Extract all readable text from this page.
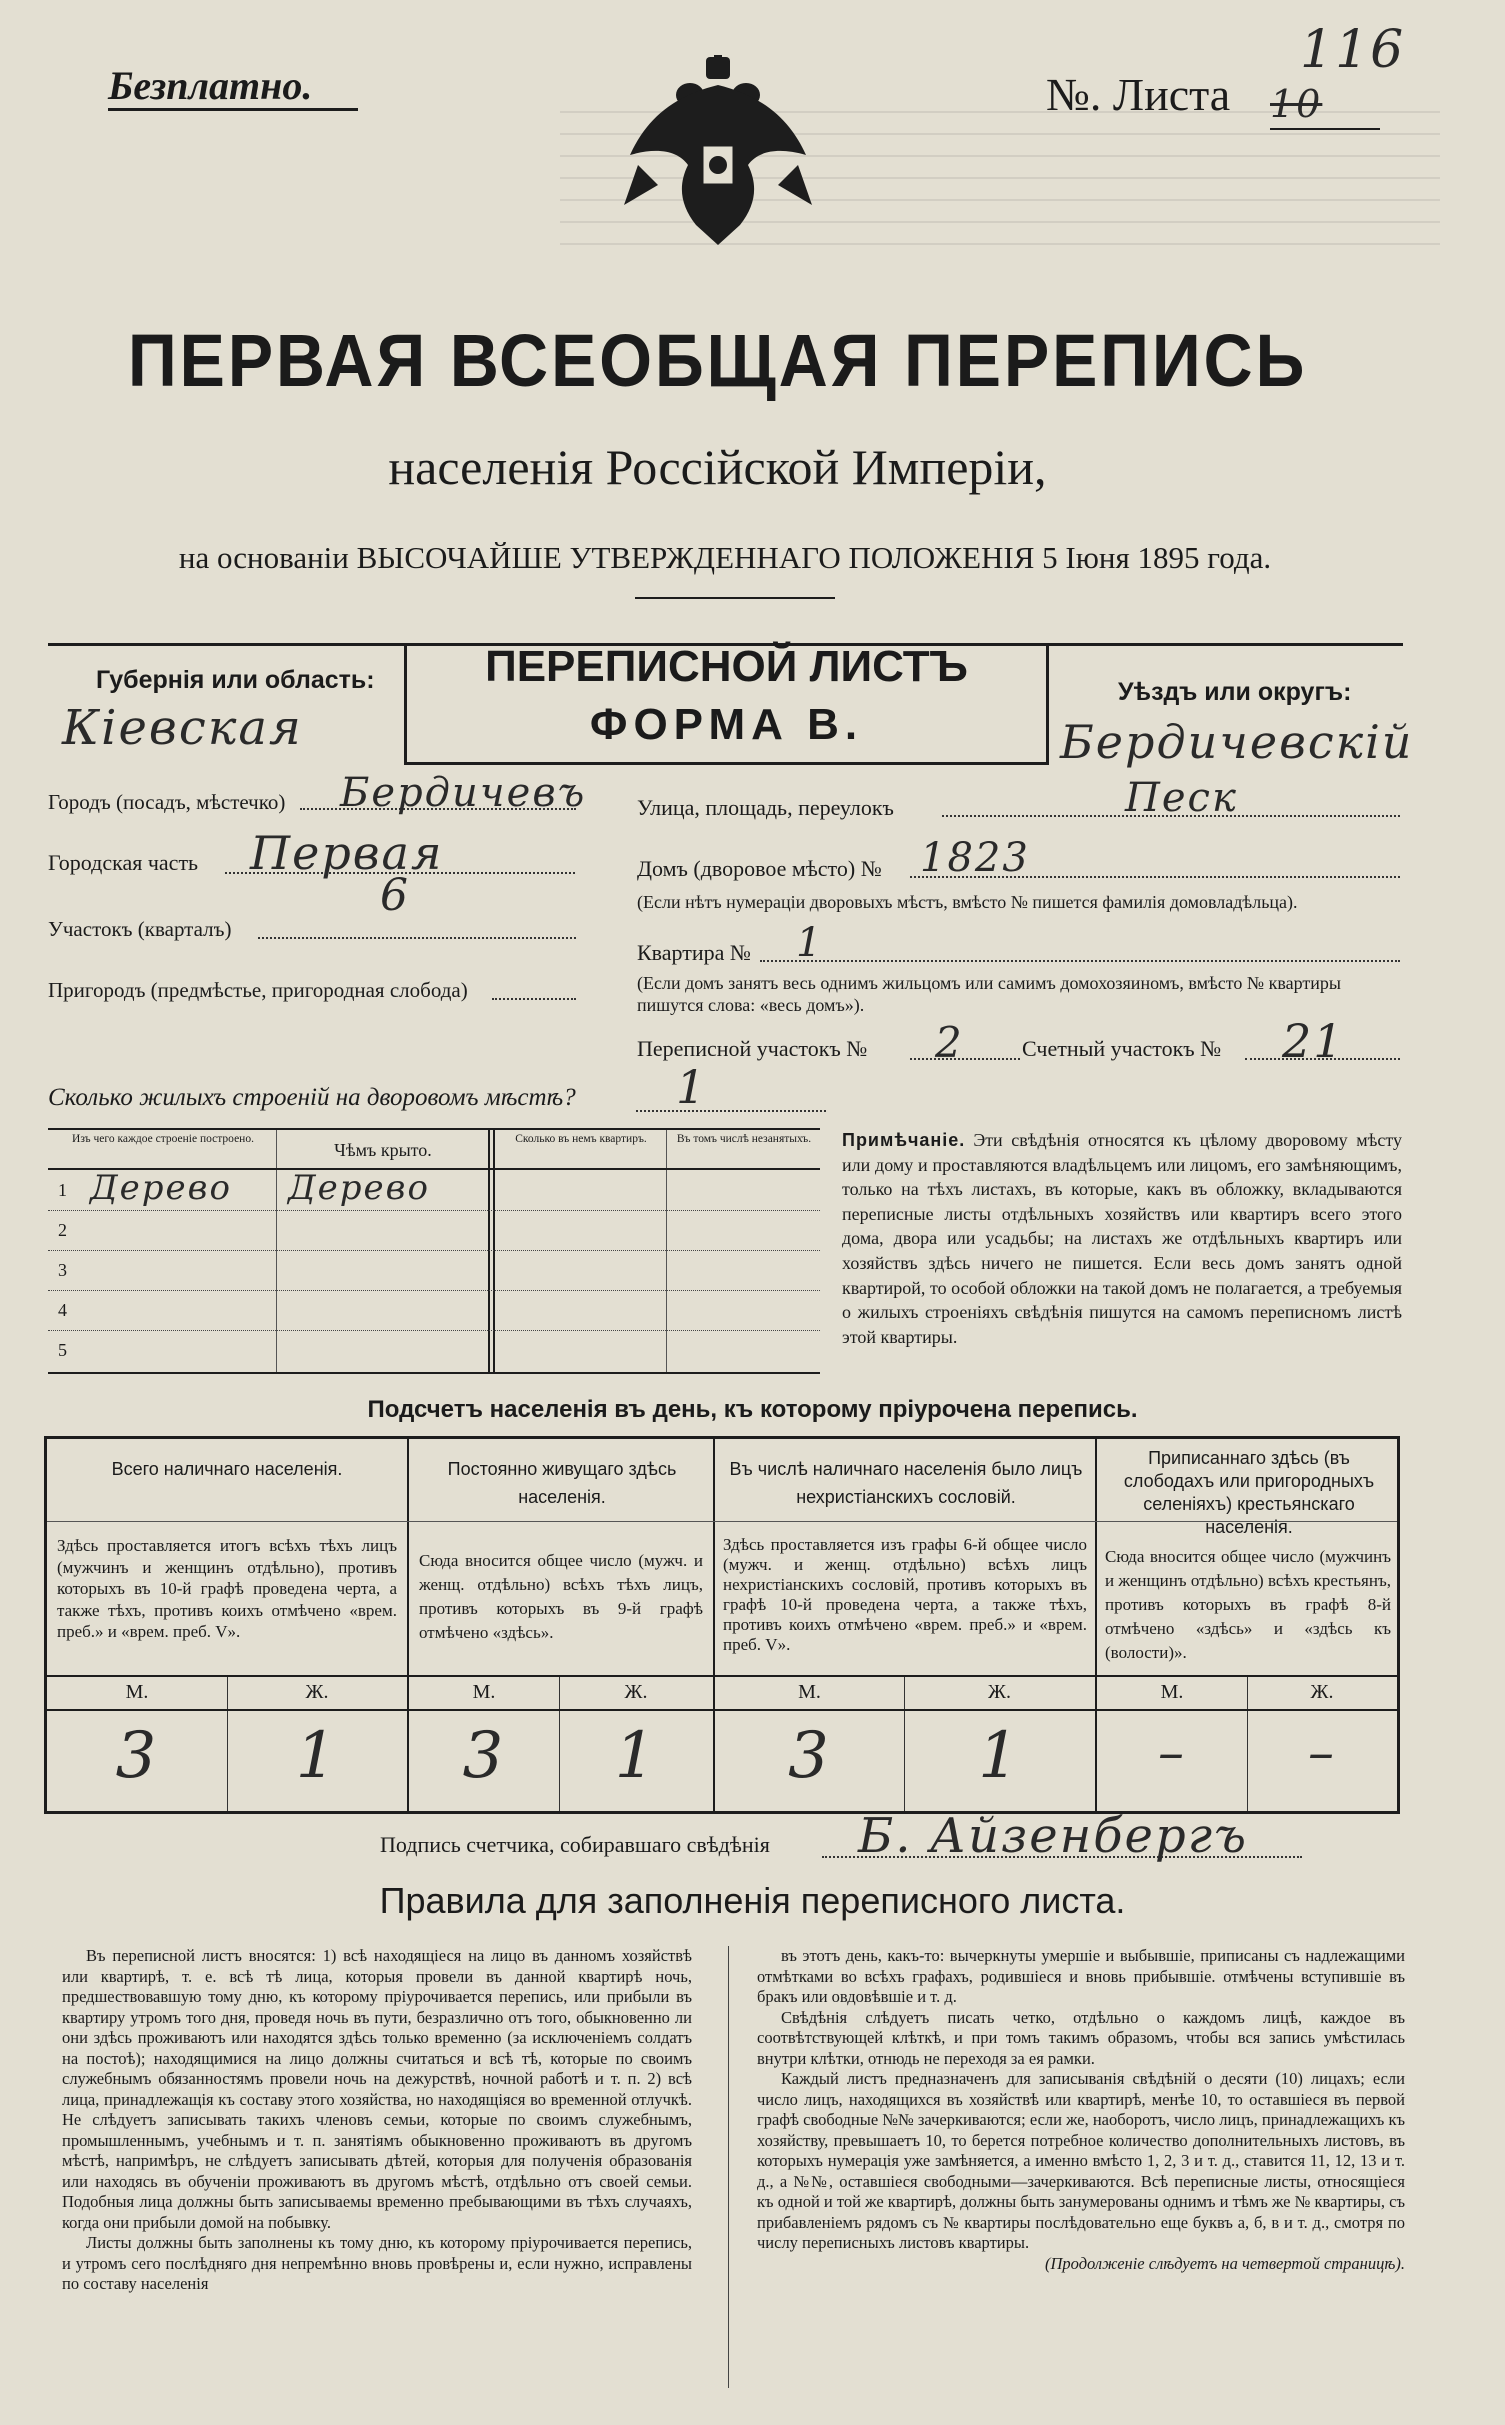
Безплатно.	№. Листа 10
116
ПЕРВАЯ ВСЕОБЩАЯ ПЕРЕПИСЬ
населенія Россійской Имперіи,
на основаніи ВЫСОЧАЙШЕ УТВЕРЖДЕННАГО ПОЛОЖЕНІЯ 5 Іюня 1895 года.
Губернія или область:
Кіевская
ПЕРЕПИСНОЙ ЛИСТЪ
ФОРМА В.
Уѣздъ или округъ:
Бердичевскій
Городъ (посадъ, мѣстечко) Бердичевъ
Городская часть Первая
Участокъ (кварталъ)
6
Пригородъ (предмѣстье, пригородная слобода)
Улица, площадь, переулокъ	Песк
Домъ (дворовое мѣсто) № 1823
(Если нѣтъ нумераціи дворовыхъ мѣстъ, вмѣсто № пишется фамилія домовладѣльца).
Квартира № 1
(Если домъ занятъ весь однимъ жильцомъ или самимъ домохозяиномъ, вмѣсто № квартиры пишутся слова: «весь домъ»).
Переписной участокъ № 2	Счетный участокъ № 21
Сколько жилыхъ строеній на дворовомъ мѣстѣ? 1
Изъ чего каждое строеніе построено.
Чѣмъ крыто.
Сколько въ немъ квартиръ.	Въ томъ числѣ незанятыхъ.
1 Дерево Дерево
2
3
4
5
Примѣчаніе. Эти свѣдѣнія относятся къ цѣлому дворовому мѣсту или дому и проставляются владѣльцемъ или лицомъ, его замѣняющимъ, только на тѣхъ листахъ, въ которые, какъ въ обложку, вкладываются переписные листы отдѣльныхъ хозяйствъ или квартиръ всего этого дома, двора или усадьбы; на листахъ же отдѣльныхъ квартиръ или хозяйствъ здѣсь ничего не пишется. Если весь домъ занятъ одной квартирой, то особой обложки на такой домъ не полагается, а требуемыя о жилыхъ строеніяхъ свѣдѣнія пишутся на самомъ переписномъ листѣ этой квартиры.
Подсчетъ населенія въ день, къ которому пріурочена перепись.
Всего наличнаго населенія.
Здѣсь проставляется итогъ всѣхъ тѣхъ лицъ (мужчинъ и женщинъ отдѣльно), противъ которыхъ въ 10-й графѣ проведена черта, а также тѣхъ, противъ коихъ отмѣчено «врем. преб.» и «врем. преб. V».
Постоянно живущаго здѣсь населенія.
Сюда вносится общее число (мужч. и женщ. отдѣльно) всѣхъ тѣхъ лицъ, противъ которыхъ въ 9-й графѣ отмѣчено «здѣсь».
Въ числѣ наличнаго населенія было лицъ нехристіанскихъ сословій.
Здѣсь проставляется изъ графы 6-й общее число (мужч. и женщ. отдѣльно) всѣхъ лицъ нехристіанскихъ сословій, противъ которыхъ въ графѣ 10-й проведена черта, а также тѣхъ, противъ коихъ отмѣчено «врем. преб.» и «врем. преб. V».
Приписаннаго здѣсь (въ слободахъ или пригородныхъ селеніяхъ) крестьянскаго населенія.
Сюда вносится общее число (мужчинъ и женщинъ отдѣльно) всѣхъ крестьянъ, противъ которыхъ въ графѣ 8-й отмѣчено «здѣсь» и «здѣсь къ (волости)».
М.	Ж.	М.	Ж.	М.	Ж.	М.	Ж.
3	1	3	1	3	1	–	–
Подпись счетчика, собиравшаго свѣдѣнія Б. Айзенбергъ
Правила для заполненія переписного листа.

Въ переписной листъ вносятся: 1) всѣ находящіеся на лицо въ данномъ хозяйствѣ или квартирѣ, т. е. всѣ тѣ лица, которыя провели въ данной квартирѣ ночь, предшествовавшую тому дню, къ которому пріурочивается перепись, или прибыли въ квартиру утромъ того дня, проведя ночь въ пути, безразлично отъ того, обыкновенно ли они здѣсь проживаютъ или находятся здѣсь только временно (за исключеніемъ солдатъ на постоѣ); находящимися на лицо должны считаться и всѣ тѣ, которые по своимъ служебнымъ обязанностямъ провели ночь на дежурствѣ, ночной работѣ и т. п. 2) всѣ лица, принадлежащія къ составу этого хозяйства, но находящіяся во временной отлучкѣ. Не слѣдуетъ записывать такихъ членовъ семьи, которые по своимъ служебнымъ, промышленнымъ, учебнымъ и т. п. занятіямъ обыкновенно проживаютъ въ другомъ мѣстѣ, напримѣръ, не слѣдуетъ записывать дѣтей, которыя для полученія образованія или находясь въ обученіи проживаютъ въ другомъ мѣстѣ, отдѣльно отъ своей семьи. Подобныя лица должны быть записываемы временно пребывающими въ тѣхъ случаяхъ, когда они прибыли домой на побывку.

Листы должны быть заполнены къ тому дню, къ которому пріурочивается перепись, и утромъ сего послѣдняго дня непремѣнно вновь провѣрены и, если нужно, исправлены по составу населенія

въ этотъ день, какъ-то: вычеркнуты умершіе и выбывшіе, приписаны съ надлежащими отмѣтками во всѣхъ графахъ, родившіеся и вновь прибывшіе. отмѣчены вступившіе въ бракъ или овдовѣвшіе и т. д.

Свѣдѣнія слѣдуетъ писать четко, отдѣльно о каждомъ лицѣ, каждое въ соотвѣтствующей клѣткѣ, и при томъ такимъ образомъ, чтобы вся запись умѣстилась внутри клѣтки, отнюдь не переходя за ея рамки.

Каждый листъ предназначенъ для записыванія свѣдѣній о десяти (10) лицахъ; если число лицъ, находящихся въ хозяйствѣ или квартирѣ, менѣе 10, то оставшіеся въ первой графѣ свободные №№ зачеркиваются; если же, наоборотъ, число лицъ, принадлежащихъ къ хозяйству, превышаетъ 10, то берется потребное количество дополнительныхъ листовъ, въ которыхъ нумерація уже замѣняется, а именно вмѣсто 1, 2, 3 и т. д., ставится 11, 12, 13 и т. д., а №№, оставшіеся свободными—зачеркиваются. Всѣ переписные листы, относящіеся къ одной и той же квартирѣ, должны быть занумерованы однимъ и тѣмъ же № квартиры, съ прибавленіемъ рядомъ съ № квартиры послѣдовательно еще буквъ а, б, в и т. д., смотря по числу переписныхъ листовъ квартиры.

(Продолженіе слѣдуетъ на четвертой страницѣ).
